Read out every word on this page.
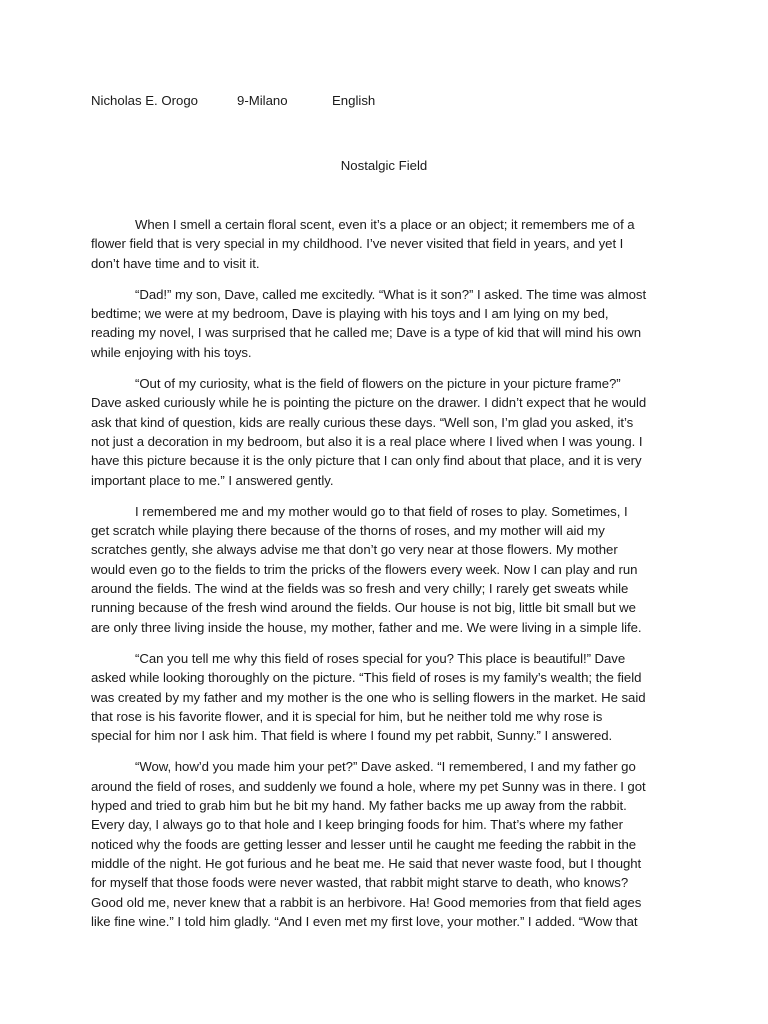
Nicholas E. Orogo	9-Milano	English
Nostalgic Field
When I smell a certain floral scent, even it’s a place or an object; it remembers me of a
flower field that is very special in my childhood. I’ve never visited that field in years, and yet I
don’t have time and to visit it.
“Dad!” my son, Dave, called me excitedly. “What is it son?” I asked. The time was almost
bedtime; we were at my bedroom, Dave is playing with his toys and I am lying on my bed,
reading my novel, I was surprised that he called me; Dave is a type of kid that will mind his own
while enjoying with his toys.
“Out of my curiosity, what is the field of flowers on the picture in your picture frame?”
Dave asked curiously while he is pointing the picture on the drawer. I didn’t expect that he would
ask that kind of question, kids are really curious these days. “Well son, I’m glad you asked, it’s
not just a decoration in my bedroom, but also it is a real place where I lived when I was young. I
have this picture because it is the only picture that I can only find about that place, and it is very
important place to me.” I answered gently.
I remembered me and my mother would go to that field of roses to play. Sometimes, I
get scratch while playing there because of the thorns of roses, and my mother will aid my
scratches gently, she always advise me that don’t go very near at those flowers. My mother
would even go to the fields to trim the pricks of the flowers every week. Now I can play and run
around the fields. The wind at the fields was so fresh and very chilly; I rarely get sweats while
running because of the fresh wind around the fields. Our house is not big, little bit small but we
are only three living inside the house, my mother, father and me. We were living in a simple life.
“Can you tell me why this field of roses special for you? This place is beautiful!” Dave
asked while looking thoroughly on the picture. “This field of roses is my family’s wealth; the field
was created by my father and my mother is the one who is selling flowers in the market. He said
that rose is his favorite flower, and it is special for him, but he neither told me why rose is
special for him nor I ask him. That field is where I found my pet rabbit, Sunny.” I answered.
“Wow, how’d you made him your pet?” Dave asked. “I remembered, I and my father go
around the field of roses, and suddenly we found a hole, where my pet Sunny was in there. I got
hyped and tried to grab him but he bit my hand. My father backs me up away from the rabbit.
Every day, I always go to that hole and I keep bringing foods for him. That’s where my father
noticed why the foods are getting lesser and lesser until he caught me feeding the rabbit in the
middle of the night. He got furious and he beat me. He said that never waste food, but I thought
for myself that those foods were never wasted, that rabbit might starve to death, who knows?
Good old me, never knew that a rabbit is an herbivore. Ha! Good memories from that field ages
like fine wine.” I told him gladly. “And I even met my first love, your mother.” I added. “Wow that
